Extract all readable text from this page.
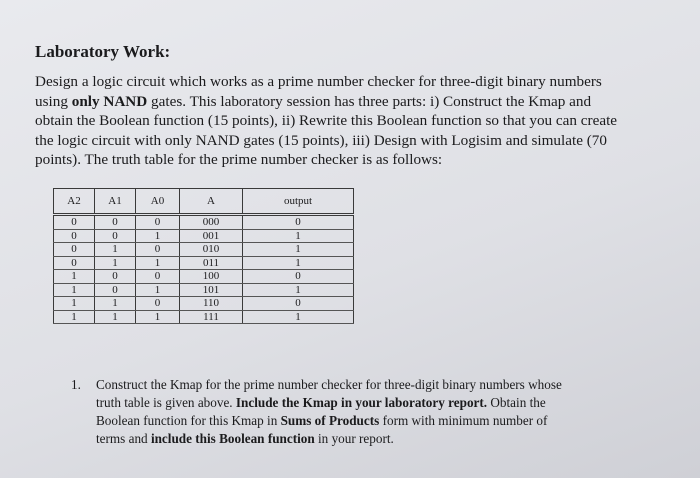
Laboratory Work:
Design a logic circuit which works as a prime number checker for three-digit binary numbers
using only NAND gates. This laboratory session has three parts: i) Construct the Kmap and
obtain the Boolean function (15 points), ii) Rewrite this Boolean function so that you can create
the logic circuit with only NAND gates (15 points), iii) Design with Logisim and simulate (70
points). The truth table for the prime number checker is as follows:
A2	A1	A0	A	output
0	0	0	000	0
0	0	1	001	1
0	1	0	010	1
0	1	1	011	1
1	0	0	100	0
1	0	1	101	1
1	1	0	110	0
1	1	1	111	1
1. Construct the Kmap for the prime number checker for three-digit binary numbers whose
truth table is given above. Include the Kmap in your laboratory report. Obtain the
Boolean function for this Kmap in Sums of Products form with minimum number of
terms and include this Boolean function in your report.
